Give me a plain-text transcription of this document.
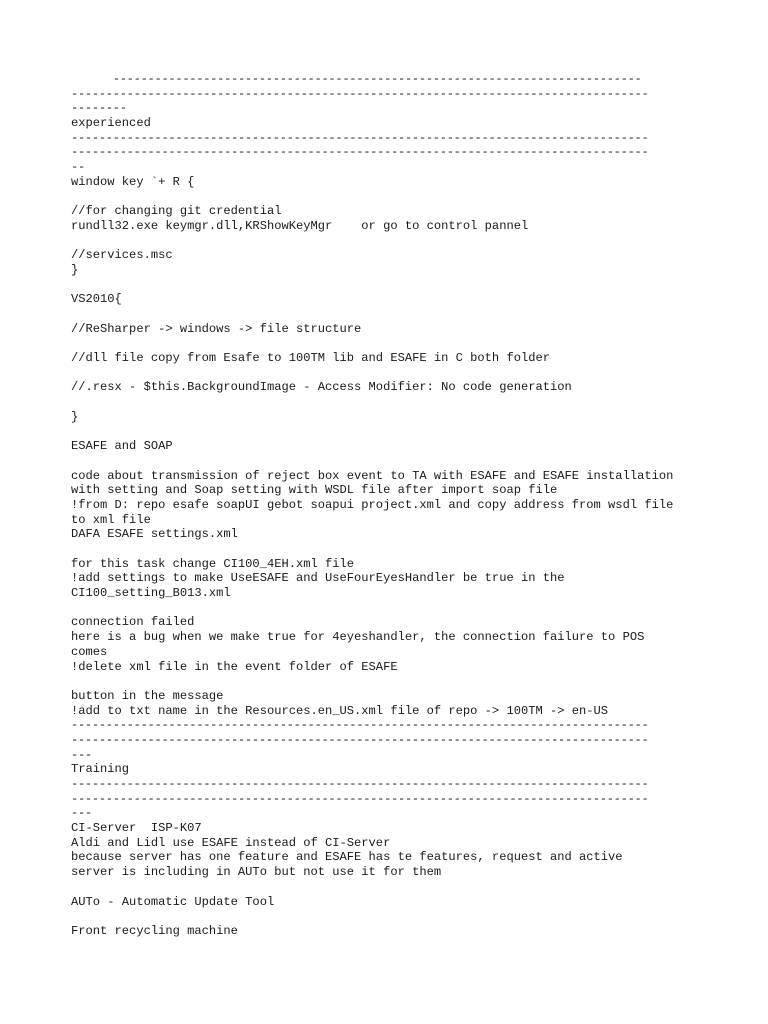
----------------------------------------------------------------------------
-----------------------------------------------------------------------------------
--------
experienced
-----------------------------------------------------------------------------------
-----------------------------------------------------------------------------------
--
window key `+ R {
//for changing git credential
rundll32.exe keymgr.dll,KRShowKeyMgr    or go to control pannel
//services.msc
}
VS2010{
//ReSharper -> windows -> file structure
//dll file copy from Esafe to 100TM lib and ESAFE in C both folder
//.resx - $this.BackgroundImage - Access Modifier: No code generation
}
ESAFE and SOAP
code about transmission of reject box event to TA with ESAFE and ESAFE installation
with setting and Soap setting with WSDL file after import soap file
!from D: repo esafe soapUI gebot soapui project.xml and copy address from wsdl file
to xml file
DAFA ESAFE settings.xml
for this task change CI100_4EH.xml file
!add settings to make UseESAFE and UseFourEyesHandler be true in the
CI100_setting_B013.xml
connection failed
here is a bug when we make true for 4eyeshandler, the connection failure to POS
comes
!delete xml file in the event folder of ESAFE
button in the message
!add to txt name in the Resources.en_US.xml file of repo -> 100TM -> en-US
-----------------------------------------------------------------------------------
-----------------------------------------------------------------------------------
---
Training
-----------------------------------------------------------------------------------
-----------------------------------------------------------------------------------
---
CI-Server  ISP-K07
Aldi and Lidl use ESAFE instead of CI-Server
because server has one feature and ESAFE has te features, request and active
server is including in AUTo but not use it for them
AUTo - Automatic Update Tool
Front recycling machine
